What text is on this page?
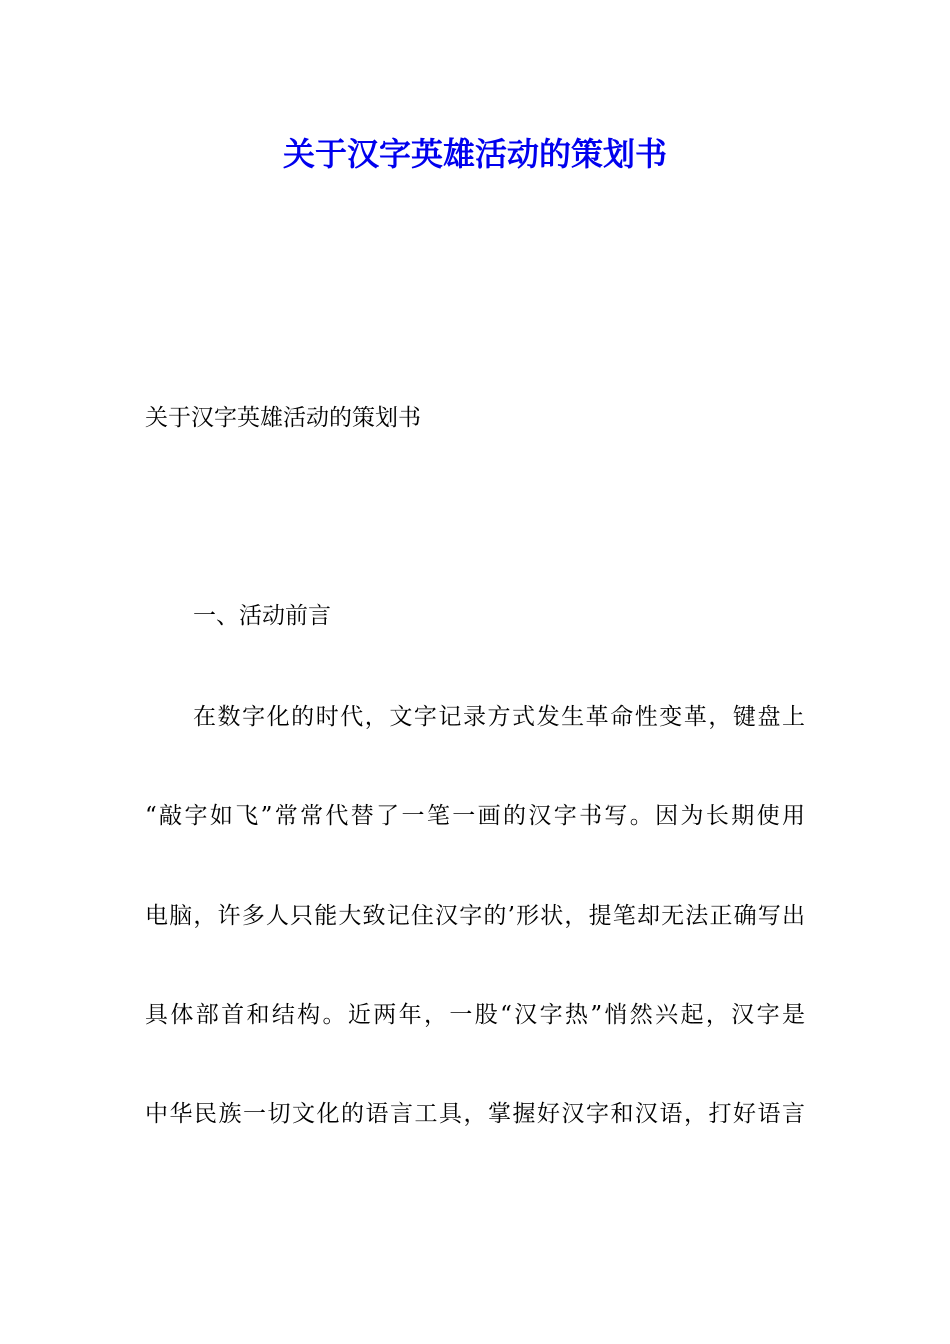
关于汉字英雄活动的策划书

关于汉字英雄活动的策划书

一、活动前言

在数字化的时代，文字记录方式发生革命性变革，键盘上

“敲字如飞”常常代替了一笔一画的汉字书写。因为长期使用

电脑，许多人只能大致记住汉字的’形状，提笔却无法正确写出

具体部首和结构。近两年，一股“汉字热”悄然兴起，汉字是

中华民族一切文化的语言工具，掌握好汉字和汉语，打好语言
